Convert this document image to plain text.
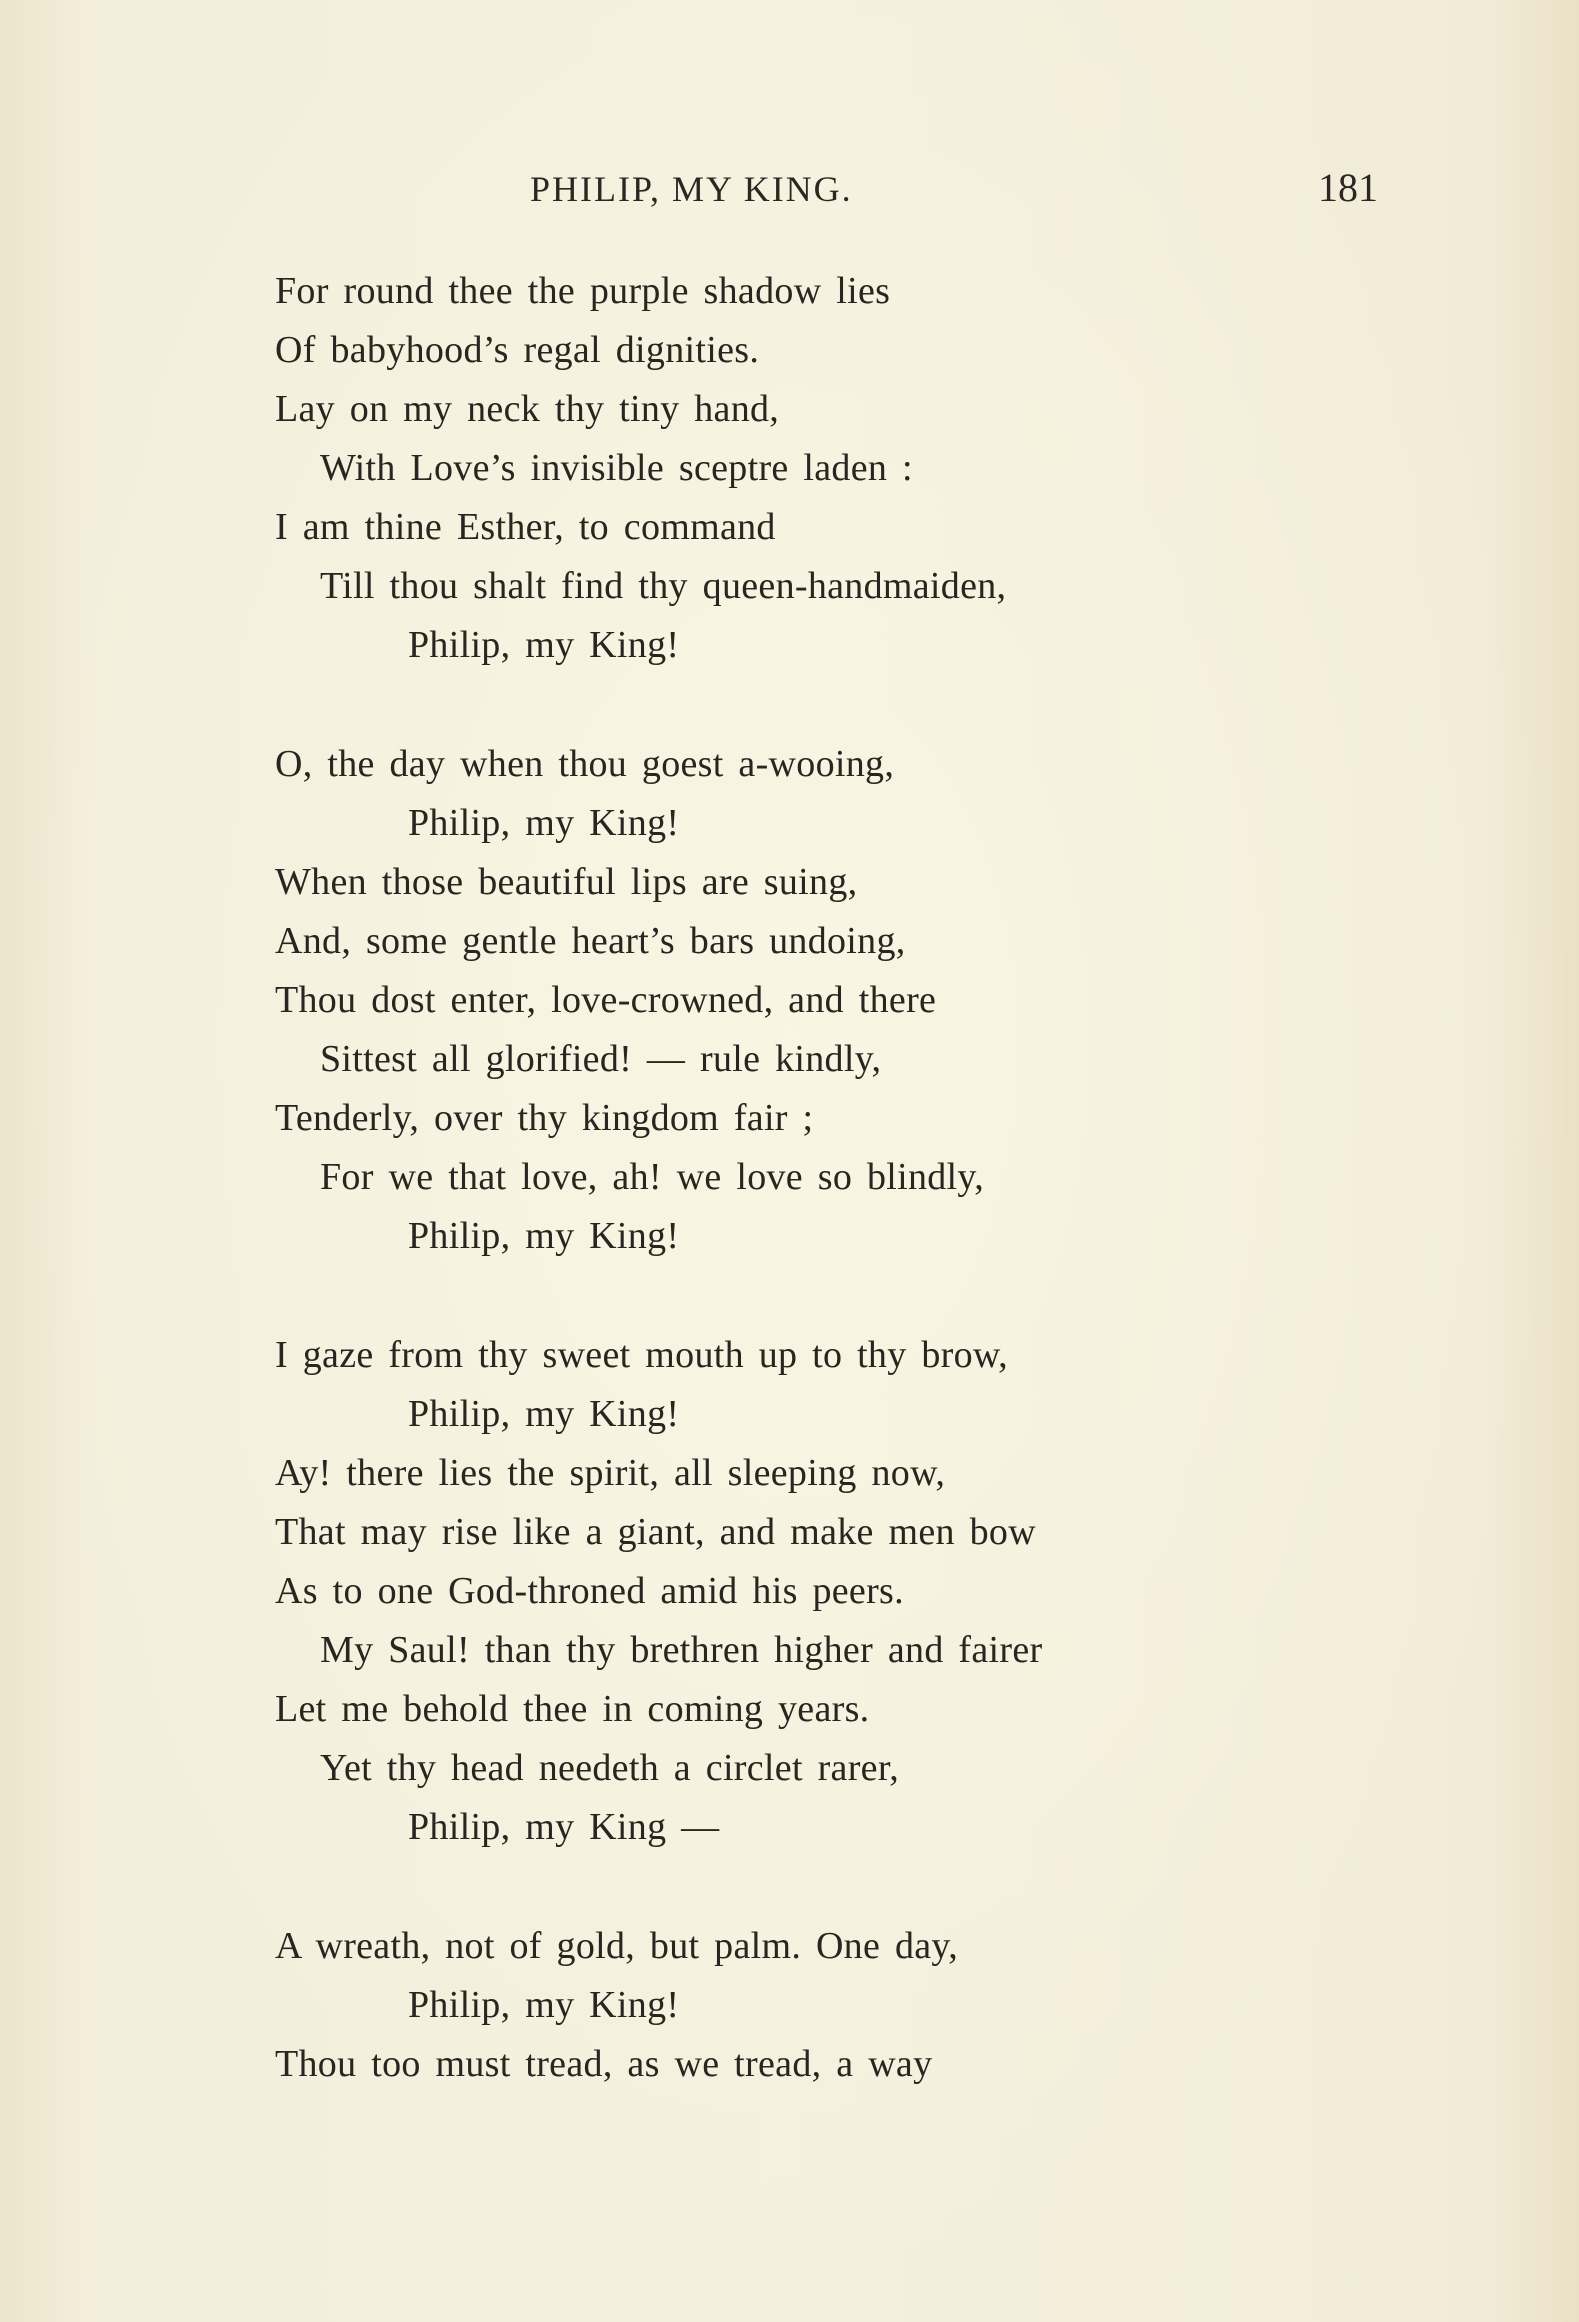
PHILIP, MY KING.	181
For round thee the purple shadow lies
Of babyhood’s regal dignities.
Lay on my neck thy tiny hand,
With Love’s invisible sceptre laden :
I am thine Esther, to command
Till thou shalt find thy queen-handmaiden,
Philip, my King!
O, the day when thou goest a-wooing,
Philip, my King!
When those beautiful lips are suing,
And, some gentle heart’s bars undoing,
Thou dost enter, love-crowned, and there
Sittest all glorified! — rule kindly,
Tenderly, over thy kingdom fair ;
For we that love, ah! we love so blindly,
Philip, my King!
I gaze from thy sweet mouth up to thy brow,
Philip, my King!
Ay! there lies the spirit, all sleeping now,
That may rise like a giant, and make men bow
As to one God-throned amid his peers.
My Saul! than thy brethren higher and fairer
Let me behold thee in coming years.
Yet thy head needeth a circlet rarer,
Philip, my King —
A wreath, not of gold, but palm. One day,
Philip, my King!
Thou too must tread, as we tread, a way
